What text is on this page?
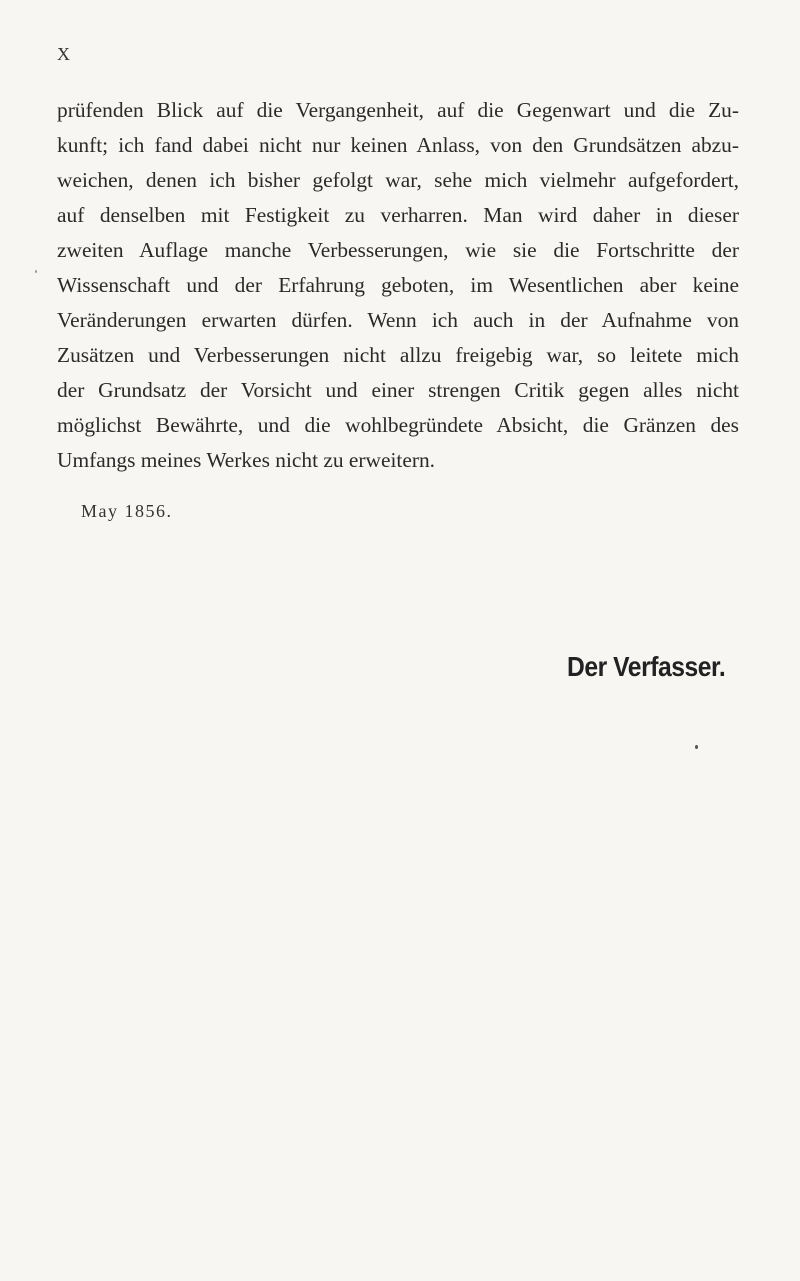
X
prüfenden Blick auf die Vergangenheit, auf die Gegenwart und die Zu-
kunft; ich fand dabei nicht nur keinen Anlass, von den Grundsätzen abzu-
weichen, denen ich bisher gefolgt war, sehe mich vielmehr aufgefordert,
auf denselben mit Festigkeit zu verharren. Man wird daher in dieser
zweiten Auflage manche Verbesserungen, wie sie die Fortschritte der
Wissenschaft und der Erfahrung geboten, im Wesentlichen aber keine
Veränderungen erwarten dürfen. Wenn ich auch in der Aufnahme von
Zusätzen und Verbesserungen nicht allzu freigebig war, so leitete mich
der Grundsatz der Vorsicht und einer strengen Critik gegen alles nicht
möglichst Bewährte, und die wohlbegründete Absicht, die Gränzen des
Umfangs meines Werkes nicht zu erweitern.
May 1856.
Der Verfasser.
